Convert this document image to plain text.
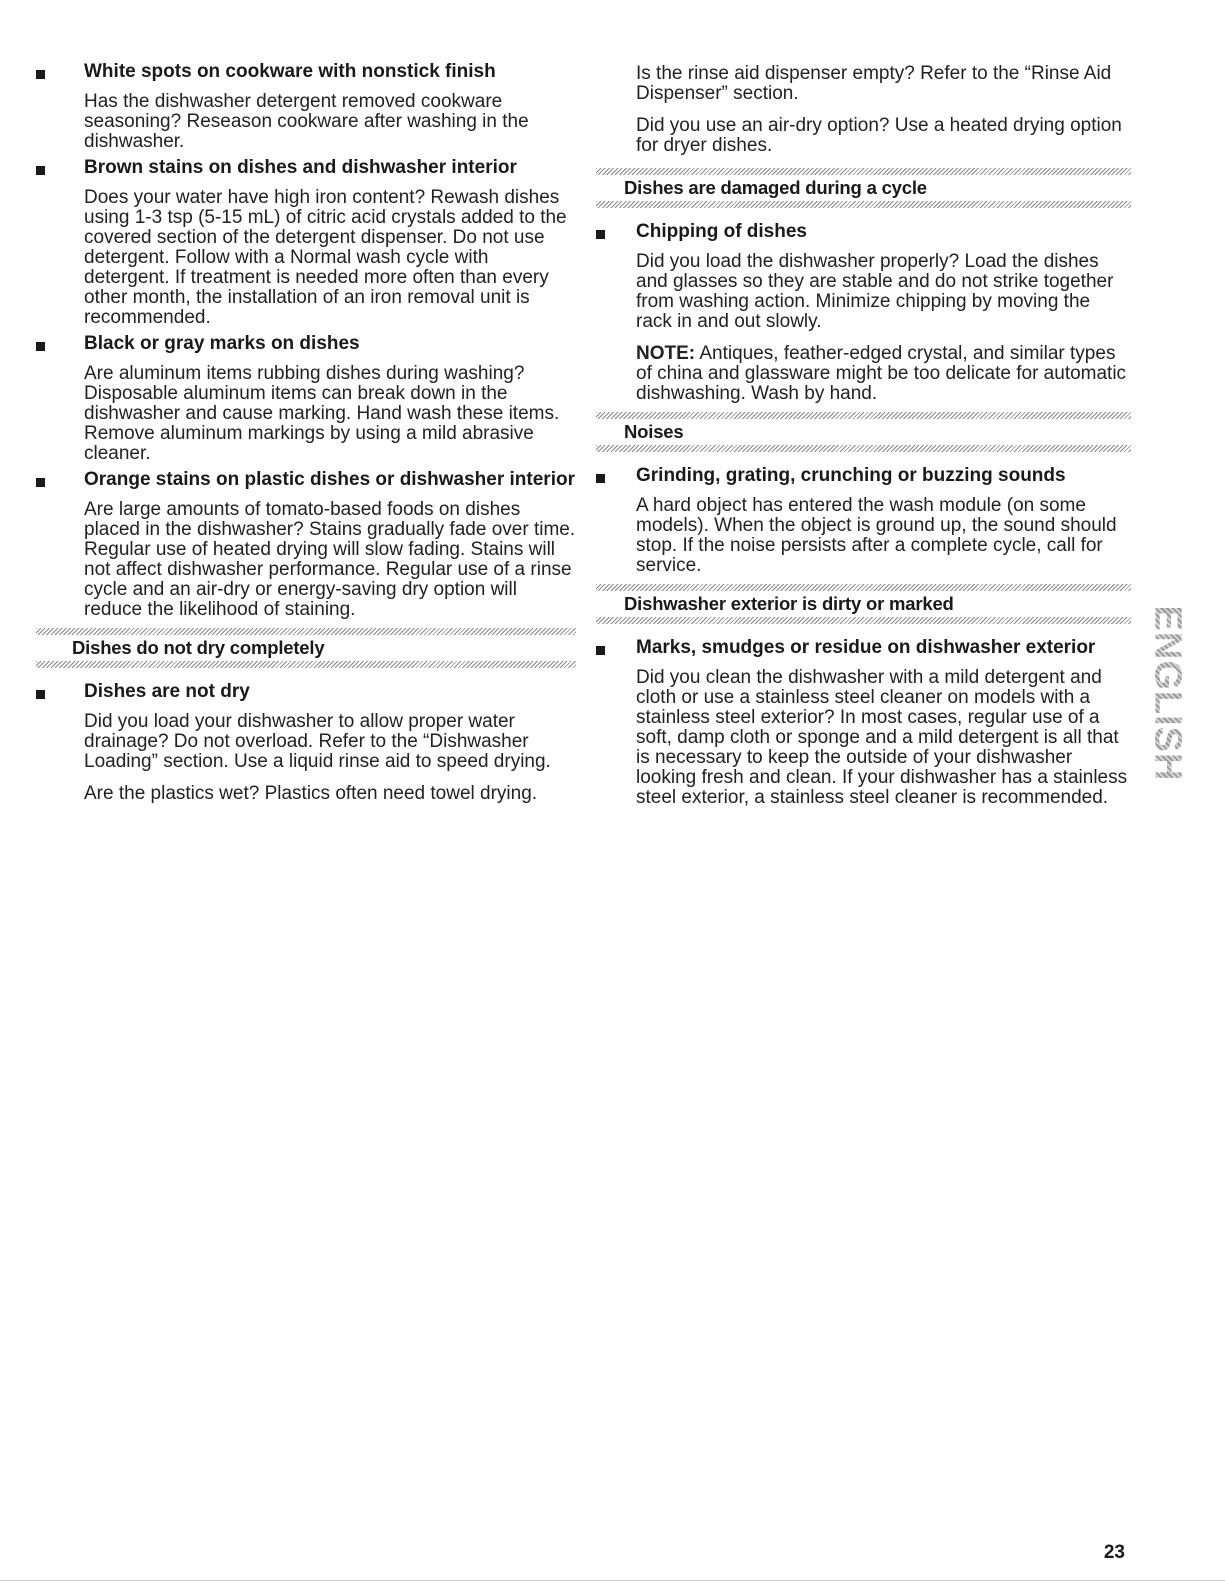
White spots on cookware with nonstick finish
Has the dishwasher detergent removed cookware seasoning? Reseason cookware after washing in the dishwasher.
Brown stains on dishes and dishwasher interior
Does your water have high iron content? Rewash dishes using 1-3 tsp (5-15 mL) of citric acid crystals added to the covered section of the detergent dispenser. Do not use detergent. Follow with a Normal wash cycle with detergent. If treatment is needed more often than every other month, the installation of an iron removal unit is recommended.
Black or gray marks on dishes
Are aluminum items rubbing dishes during washing? Disposable aluminum items can break down in the dishwasher and cause marking. Hand wash these items. Remove aluminum markings by using a mild abrasive cleaner.
Orange stains on plastic dishes or dishwasher interior
Are large amounts of tomato-based foods on dishes placed in the dishwasher? Stains gradually fade over time. Regular use of heated drying will slow fading. Stains will not affect dishwasher performance. Regular use of a rinse cycle and an air-dry or energy-saving dry option will reduce the likelihood of staining.
Dishes do not dry completely
Dishes are not dry
Did you load your dishwasher to allow proper water drainage? Do not overload. Refer to the “Dishwasher Loading” section. Use a liquid rinse aid to speed drying.
Are the plastics wet? Plastics often need towel drying.
Is the rinse aid dispenser empty? Refer to the “Rinse Aid Dispenser” section.
Did you use an air-dry option? Use a heated drying option for dryer dishes.
Dishes are damaged during a cycle
Chipping of dishes
Did you load the dishwasher properly? Load the dishes and glasses so they are stable and do not strike together from washing action. Minimize chipping by moving the rack in and out slowly.
NOTE: Antiques, feather-edged crystal, and similar types of china and glassware might be too delicate for automatic dishwashing. Wash by hand.
Noises
Grinding, grating, crunching or buzzing sounds
A hard object has entered the wash module (on some models). When the object is ground up, the sound should stop. If the noise persists after a complete cycle, call for service.
Dishwasher exterior is dirty or marked
Marks, smudges or residue on dishwasher exterior
Did you clean the dishwasher with a mild detergent and cloth or use a stainless steel cleaner on models with a stainless steel exterior? In most cases, regular use of a soft, damp cloth or sponge and a mild detergent is all that is necessary to keep the outside of your dishwasher looking fresh and clean. If your dishwasher has a stainless steel exterior, a stainless steel cleaner is recommended.
ENGLISH
23
